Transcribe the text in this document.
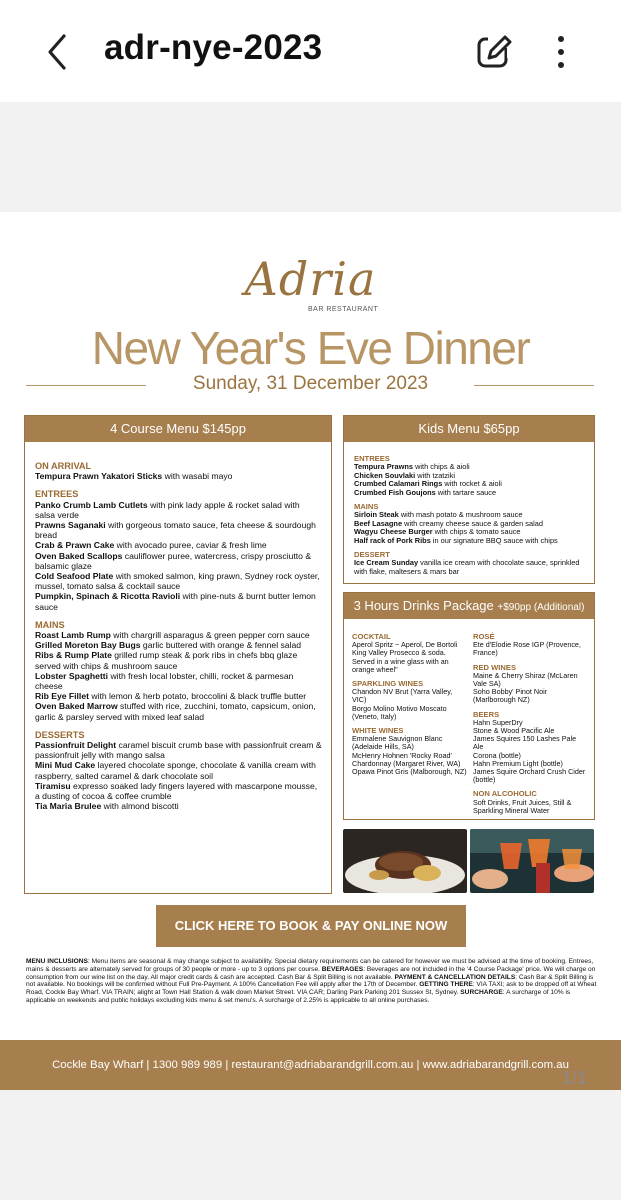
adr-nye-2023
Adria
BAR RESTAURANT
New Year's Eve Dinner
Sunday, 31 December 2023
4 Course Menu $145pp
ON ARRIVAL
Tempura Prawn Yakatori Sticks with wasabi mayo
ENTREES
Panko Crumb Lamb Cutlets with pink lady apple & rocket salad with salsa verde
Prawns Saganaki with gorgeous tomato sauce, feta cheese & sourdough bread
Crab & Prawn Cake with avocado puree, caviar & fresh lime
Oven Baked Scallops cauliflower puree, watercress, crispy prosciutto & balsamic glaze
Cold Seafood Plate with smoked salmon, king prawn, Sydney rock oyster, mussel, tomato salsa & cocktail sauce
Pumpkin, Spinach & Ricotta Ravioli with pine-nuts & burnt butter lemon sauce
MAINS
Roast Lamb Rump with chargrill asparagus & green pepper corn sauce
Grilled Moreton Bay Bugs garlic buttered with orange & fennel salad
Ribs & Rump Plate grilled rump steak & pork ribs in chefs bbq glaze served with chips & mushroom sauce
Lobster Spaghetti with fresh local lobster, chilli, rocket & parmesan cheese
Rib Eye Fillet with lemon & herb potato, broccolini & black truffle butter
Oven Baked Marrow stuffed with rice, zucchini, tomato, capsicum, onion, garlic & parsley served with mixed leaf salad
DESSERTS
Passionfruit Delight caramel biscuit crumb base with passionfruit cream & passionfruit jelly with mango salsa
Mini Mud Cake layered chocolate sponge, chocolate & vanilla cream with raspberry, salted caramel & dark chocolate soil
Tiramisu expresso soaked lady fingers layered with mascarpone mousse, a dusting of cocoa & coffee crumble
Tia Maria Brulee with almond biscotti
Kids Menu $65pp
ENTREES
Tempura Prawns with chips & aioli
Chicken Souvlaki with tzatziki
Crumbed Calamari Rings with rocket & aioli
Crumbed Fish Goujons with tartare sauce
MAINS
Sirloin Steak with mash potato & mushroom sauce
Beef Lasagne with creamy cheese sauce & garden salad
Wagyu Cheese Burger with chips & tomato sauce
Half rack of Pork Ribs in our signature BBQ sauce with chips
DESSERT
Ice Cream Sunday vanilla ice cream with chocolate sauce, sprinkled with flake, maltesers & mars bar
3 Hours Drinks Package +$90pp (Additional)
COCKTAIL
Aperol Spritz ~ Aperol, De Bortoli King Valley Prosecco & soda. Served in a wine glass with an orange wheel"
SPARKLING WINES
Chandon NV Brut (Yarra Valley, VIC)
Borgo Molino Motivo Moscato (Veneto, Italy)
WHITE WINES
Emmalene Sauvignon Blanc (Adelaide Hills, SA)
McHenry Hohnen 'Rocky Road' Chardonnay (Margaret River, WA)
Opawa Pinot Gris (Malborough, NZ)
ROSÉ
Ete d'Elodie Rose IGP (Provence, France)
RED WINES
Maine & Cherry Shiraz (McLaren Vale SA)
Soho Bobby' Pinot Noir (Marlborough NZ)
BEERS
Hahn SuperDry
Stone & Wood Pacific Ale
James Squires 150 Lashes Pale Ale
Corona (bottle)
Hahn Premium Light (bottle)
James Squire Orchard Crush Cider (bottle)
NON ALCOHOLIC
Soft Drinks, Fruit Juices, Still & Sparkling Mineral Water
CLICK HERE TO BOOK & PAY ONLINE NOW
MENU INCLUSIONS: Menu items are seasonal & may change subject to availability. Special dietary requirements can be catered for however we must be advised at the time of booking. Entrees, mains & desserts are alternately served for groups of 30 people or more - up to 3 options per course. BEVERAGES: Beverages are not included in the '4 Course Package' price. We will charge on consumption from our wine list on the day. All major credit cards & cash are accepted. Cash Bar & Split Billing is not available. PAYMENT & CANCELLATION DETAILS: Cash Bar & Split Billing is not available. No bookings will be confirmed without Full Pre-Payment. A 100% Cancellation Fee will apply after the 17th of December. GETTING THERE: VIA TAXI; ask to be dropped off at Wheat Road, Cockle Bay Wharf. VIA TRAIN; alight at Town Hall Station & walk down Market Street. VIA CAR; Darling Park Parking 201 Sussex St, Sydney. SURCHARGE: A surcharge of 10% is applicable on weekends and public holidays excluding kids menu & set menu's. A surcharge of 2.25% is applicable to all online purchases.
Cockle Bay Wharf | 1300 989 989 | restaurant@adriabarandgrill.com.au | www.adriabarandgrill.com.au
1/1
